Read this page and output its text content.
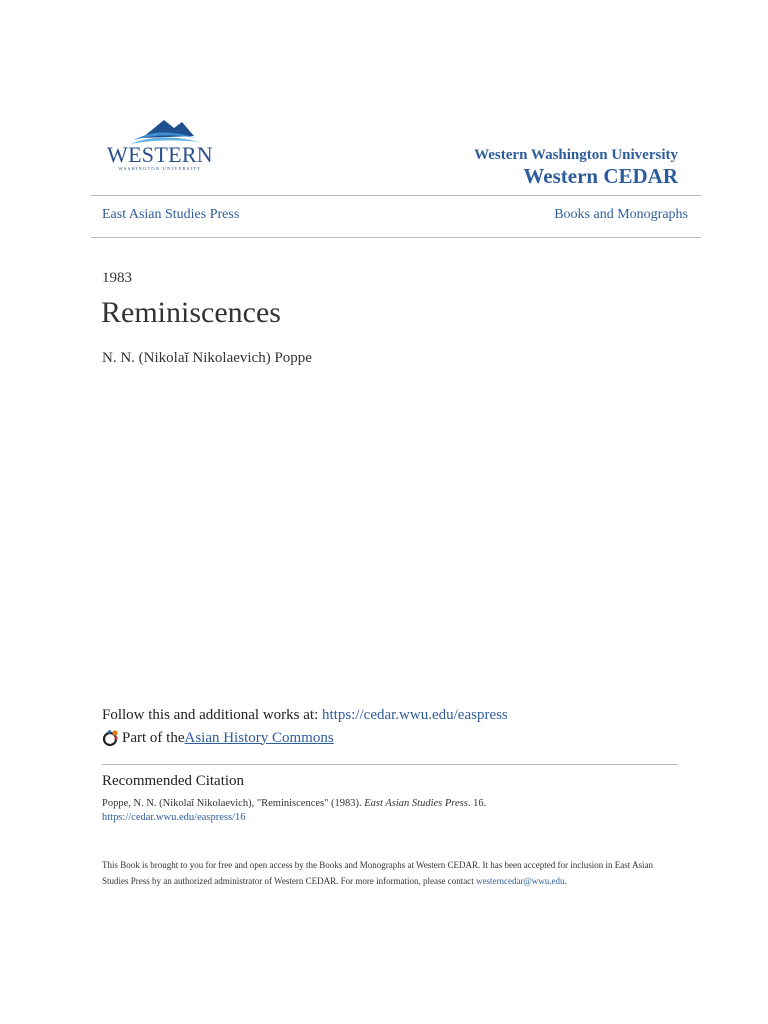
WESTERN
WASHINGTON UNIVERSITY
Western Washington University
Western CEDAR
East Asian Studies Press	Books and Monographs
1983
Reminiscences
N. N. (Nikolaĭ Nikolaevich) Poppe
Follow this and additional works at: https://cedar.wwu.edu/easpress
Part of the Asian History Commons
Recommended Citation
Poppe, N. N. (Nikolaĭ Nikolaevich), "Reminiscences" (1983). East Asian Studies Press. 16.
https://cedar.wwu.edu/easpress/16
This Book is brought to you for free and open access by the Books and Monographs at Western CEDAR. It has been accepted for inclusion in East Asian Studies Press by an authorized administrator of Western CEDAR. For more information, please contact westerncedar@wwu.edu.
